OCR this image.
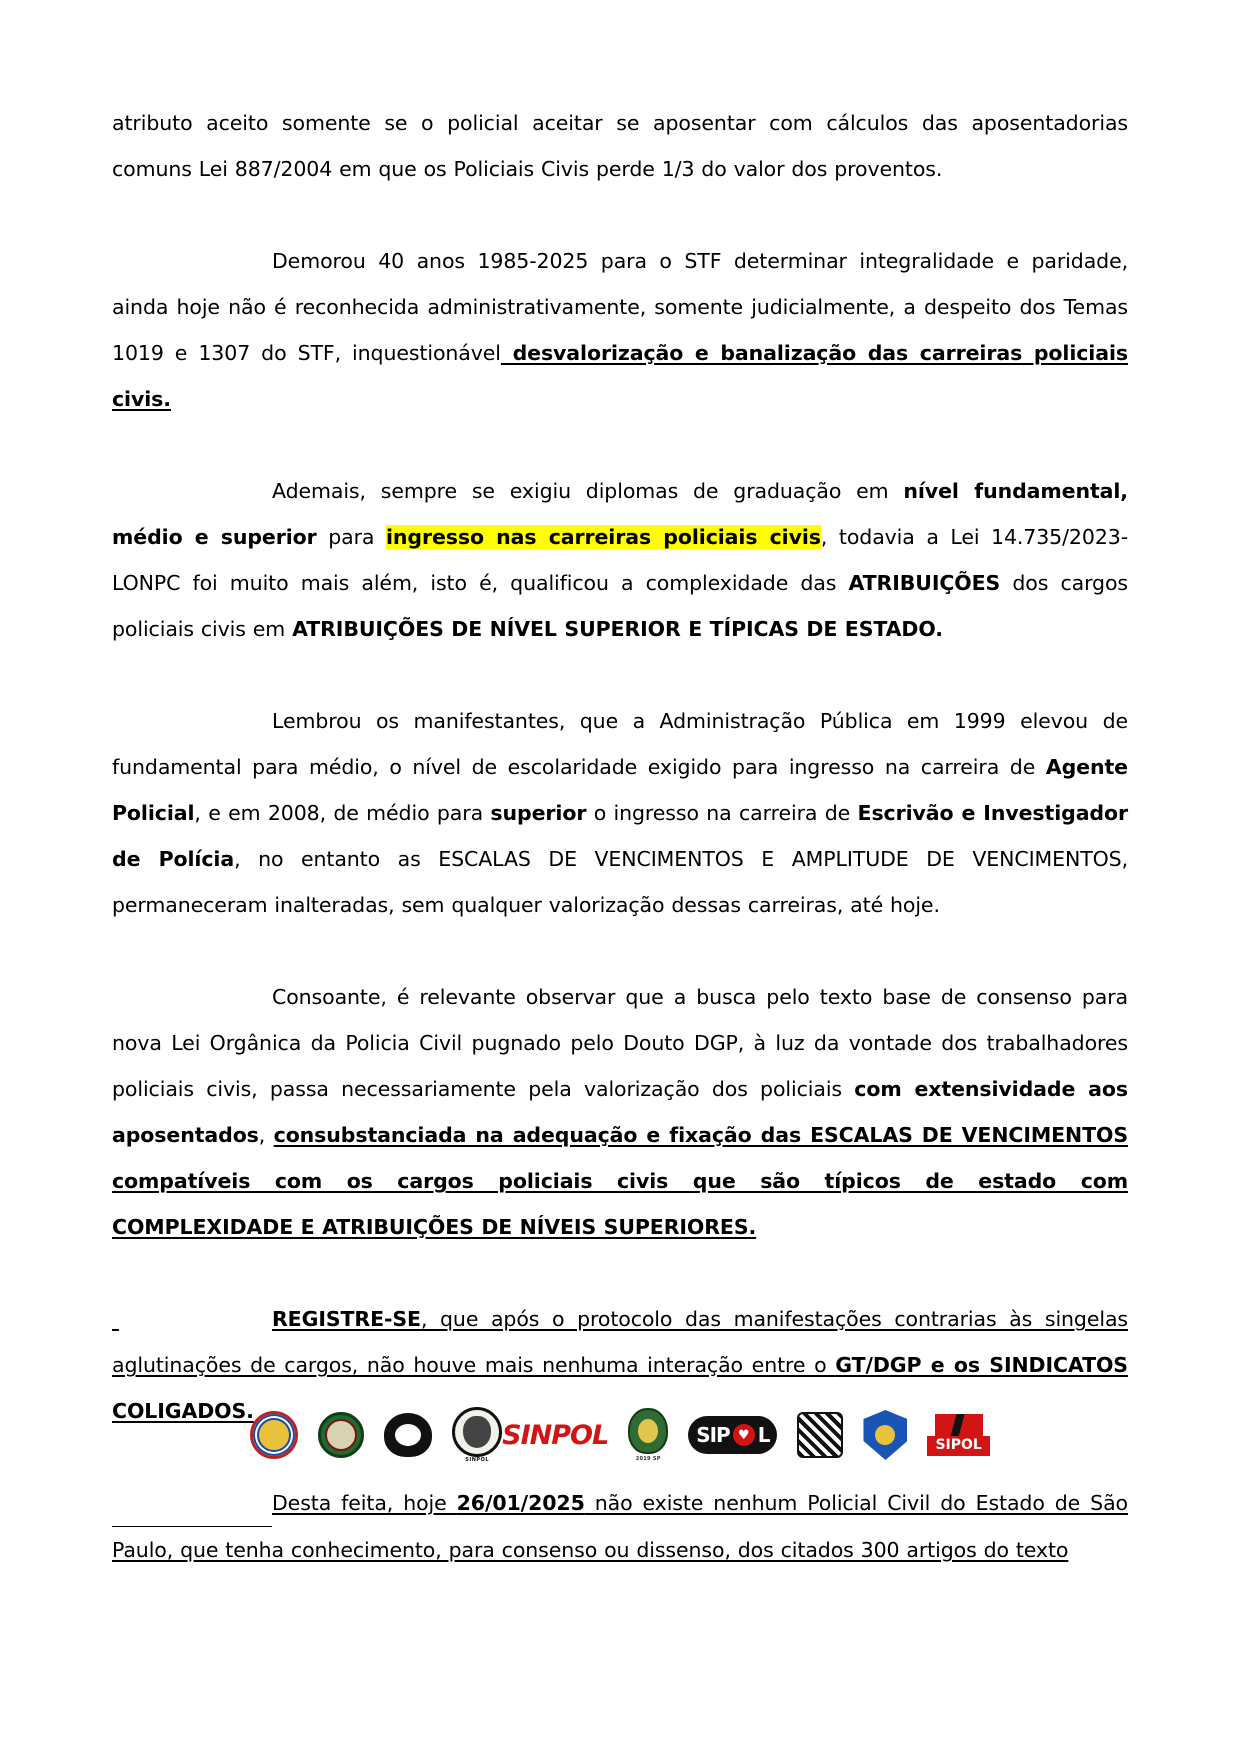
atributo aceito somente se o policial aceitar se aposentar com cálculos das aposentadorias comuns Lei 887/2004 em que os Policiais Civis perde 1/3 do valor dos proventos.

Demorou 40 anos 1985-2025 para o STF determinar integralidade e paridade, ainda hoje não é reconhecida administrativamente, somente judicialmente, a despeito dos Temas 1019 e 1307 do STF, inquestionável desvalorização e banalização das carreiras policiais civis.

Ademais, sempre se exigiu diplomas de graduação em nível fundamental, médio e superior para ingresso nas carreiras policiais civis, todavia a Lei 14.735/2023-LONPC foi muito mais além, isto é, qualificou a complexidade das ATRIBUIÇÕES dos cargos policiais civis em ATRIBUIÇÕES DE NÍVEL SUPERIOR E TÍPICAS DE ESTADO.

Lembrou os manifestantes, que a Administração Pública em 1999 elevou de fundamental para médio, o nível de escolaridade exigido para ingresso na carreira de Agente Policial, e em 2008, de médio para superior o ingresso na carreira de Escrivão e Investigador de Polícia, no entanto as ESCALAS DE VENCIMENTOS E AMPLITUDE DE VENCIMENTOS, permaneceram inalteradas, sem qualquer valorização dessas carreiras, até hoje.

Consoante, é relevante observar que a busca pelo texto base de consenso para nova Lei Orgânica da Policia Civil pugnado pelo Douto DGP, à luz da vontade dos trabalhadores policiais civis, passa necessariamente pela valorização dos policiais com extensividade aos aposentados, consubstanciada na adequação e fixação das ESCALAS DE VENCIMENTOS compatíveis com os cargos policiais civis que são típicos de estado com COMPLEXIDADE E ATRIBUIÇÕES DE NÍVEIS SUPERIORES.

REGISTRE-SE, que após o protocolo das manifestações contrarias às singelas aglutinações de cargos, não houve mais nenhuma interação entre o GT/DGP e os SINDICATOS COLIGADOS.

Desta feita, hoje 26/01/2025 não existe nenhum Policial Civil do Estado de São Paulo, que tenha conhecimento, para consenso ou dissenso, dos citados 300 artigos do texto

SINPOL
SINPOL
2019 SP
SIP ♥ L	SIPOL
